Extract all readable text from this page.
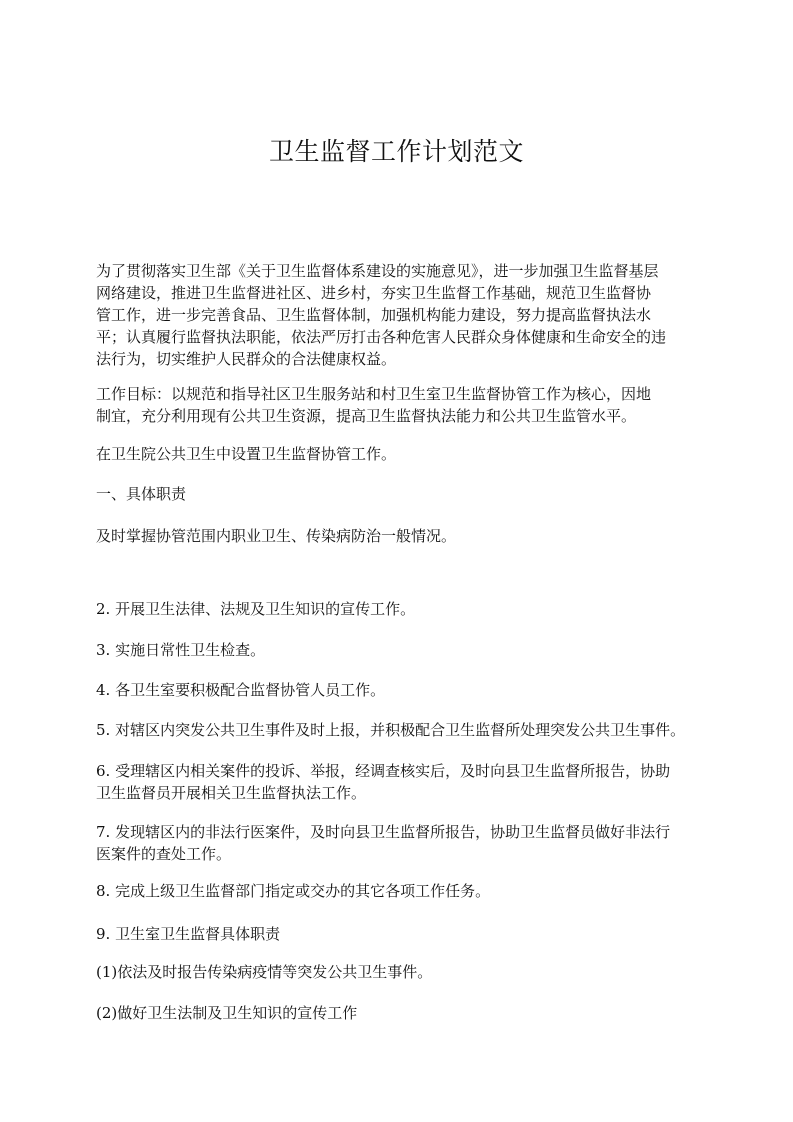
卫生监督工作计划范文

为了贯彻落实卫生部《关于卫生监督体系建设的实施意见》，进一步加强卫生监督基层
网络建设，推进卫生监督进社区、进乡村，夯实卫生监督工作基础，规范卫生监督协
管工作，进一步完善食品、卫生监督体制，加强机构能力建设，努力提高监督执法水
平；认真履行监督执法职能，依法严厉打击各种危害人民群众身体健康和生命安全的违
法行为，切实维护人民群众的合法健康权益。

工作目标：以规范和指导社区卫生服务站和村卫生室卫生监督协管工作为核心，因地
制宜，充分利用现有公共卫生资源，提高卫生监督执法能力和公共卫生监管水平。

在卫生院公共卫生中设置卫生监督协管工作。

一、具体职责

及时掌握协管范围内职业卫生、传染病防治一般情况。

2. 开展卫生法律、法规及卫生知识的宣传工作。

3. 实施日常性卫生检查。

4. 各卫生室要积极配合监督协管人员工作。

5. 对辖区内突发公共卫生事件及时上报，并积极配合卫生监督所处理突发公共卫生事件。

6. 受理辖区内相关案件的投诉、举报，经调查核实后，及时向县卫生监督所报告，协助
卫生监督员开展相关卫生监督执法工作。

7. 发现辖区内的非法行医案件，及时向县卫生监督所报告，协助卫生监督员做好非法行
医案件的查处工作。

8. 完成上级卫生监督部门指定或交办的其它各项工作任务。

9. 卫生室卫生监督具体职责

(1)依法及时报告传染病疫情等突发公共卫生事件。

(2)做好卫生法制及卫生知识的宣传工作
